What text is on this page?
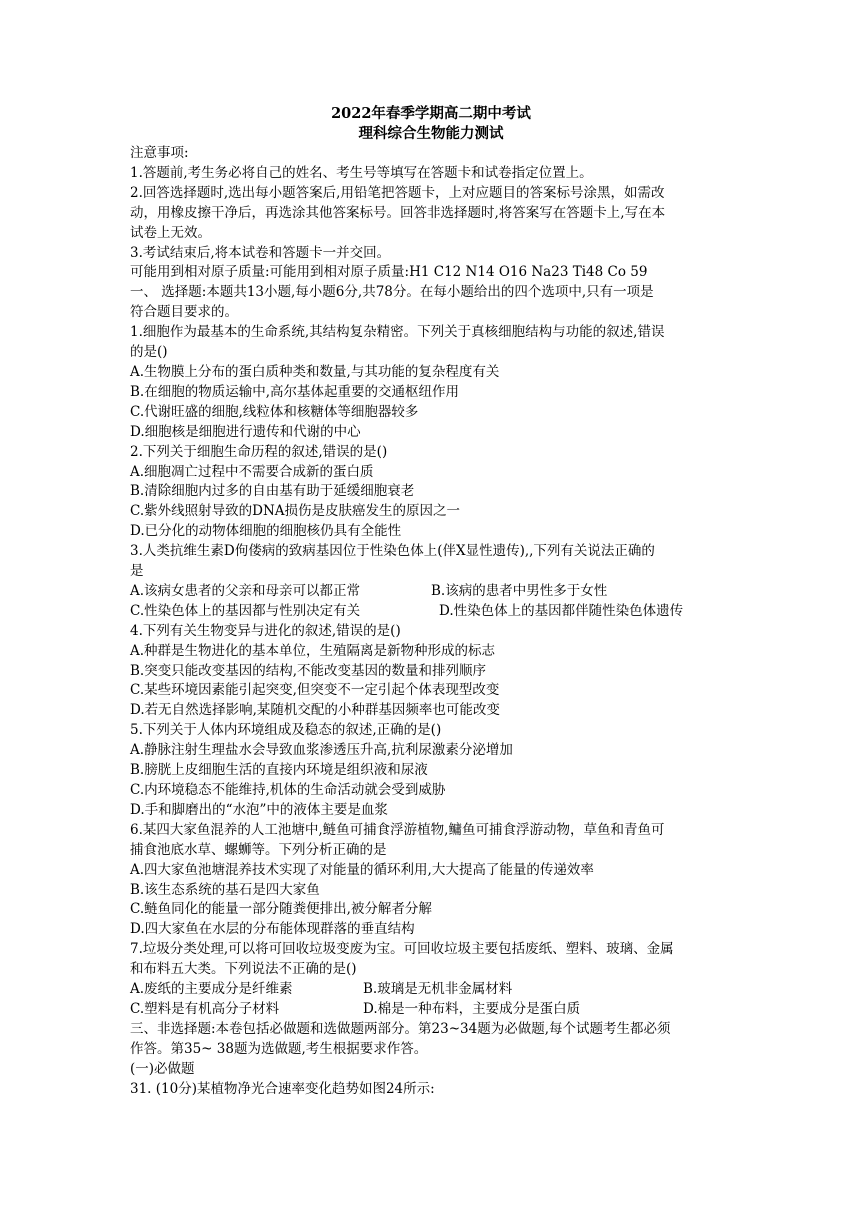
2022年春季学期高二期中考试
理科综合生物能力测试
注意事项:
1.答题前,考生务必将自己的姓名、考生号等填写在答题卡和试卷指定位置上。
2.回答选择题时,选出每小题答案后,用铅笔把答题卡，上对应题目的答案标号涂黑，如需改
动，用橡皮擦干净后，再选涂其他答案标号。回答非选择题时,将答案写在答题卡上,写在本
试卷上无效。
3.考试结束后,将本试卷和答题卡一并交回。
可能用到相对原子质量:可能用到相对原子质量:H1 C12 N14 O16 Na23 Ti48 Co 59
一、 选择题:本题共13小题,每小题6分,共78分。在每小题给出的四个选项中,只有一项是
符合题目要求的。
1.细胞作为最基本的生命系统,其结构复杂精密。下列关于真核细胞结构与功能的叙述,错误
的是()
A.生物膜上分布的蛋白质种类和数量,与其功能的复杂程度有关
B.在细胞的物质运输中,高尔基体起重要的交通枢纽作用
C.代谢旺盛的细胞,线粒体和核糖体等细胞器较多
D.细胞核是细胞进行遗传和代谢的中心
2.下列关于细胞生命历程的叙述,错误的是()
A.细胞凋亡过程中不需要合成新的蛋白质
B.清除细胞内过多的自由基有助于延缓细胞衰老
C.紫外线照射导致的DNA损伤是皮肤癌发生的原因之一
D.已分化的动物体细胞的细胞核仍具有全能性
3.人类抗维生素D佝偻病的致病基因位于性染色体上(伴X显性遗传),,下列有关说法正确的
是
A.该病女患者的父亲和母亲可以都正常	B.该病的患者中男性多于女性
C.性染色体上的基因都与性别决定有关	D.性染色体上的基因都伴随性染色体遗传
4.下列有关生物变异与进化的叙述,错误的是()
A.种群是生物进化的基本单位，生殖隔离是新物种形成的标志
B.突变只能改变基因的结构,不能改变基因的数量和排列顺序
C.某些环境因素能引起突变,但突变不一定引起个体表现型改变
D.若无自然选择影响,某随机交配的小种群基因频率也可能改变
5.下列关于人体内环境组成及稳态的叙述,正确的是()
A.静脉注射生理盐水会导致血浆渗透压升高,抗利尿激素分泌增加
B.膀胱上皮细胞生活的直接内环境是组织液和尿液
C.内环境稳态不能维持,机体的生命活动就会受到威胁
D.手和脚磨出的“水泡”中的液体主要是血浆
6.某四大家鱼混养的人工池塘中,鲢鱼可捕食浮游植物,鳙鱼可捕食浮游动物，草鱼和青鱼可
捕食池底水草、螺蛳等。下列分析正确的是
A.四大家鱼池塘混养技术实现了对能量的循环利用,大大提高了能量的传递效率
B.该生态系统的基石是四大家鱼
C.鲢鱼同化的能量一部分随粪便排出,被分解者分解
D.四大家鱼在水层的分布能体现群落的垂直结构
7.垃圾分类处理,可以将可回收垃圾变废为宝。可回收垃圾主要包括废纸、塑料、玻璃、金属
和布料五大类。下列说法不正确的是()
A.废纸的主要成分是纤维素	B.玻璃是无机非金属材料
C.塑料是有机高分子材料	D.棉是一种布料，主要成分是蛋白质
三、非选择题:本卷包括必做题和选做题两部分。第23~34题为必做题,每个试题考生都必须
作答。第35~ 38题为选做题,考生根据要求作答。
(一)必做题
31. (10分)某植物净光合速率变化趋势如图24所示:
